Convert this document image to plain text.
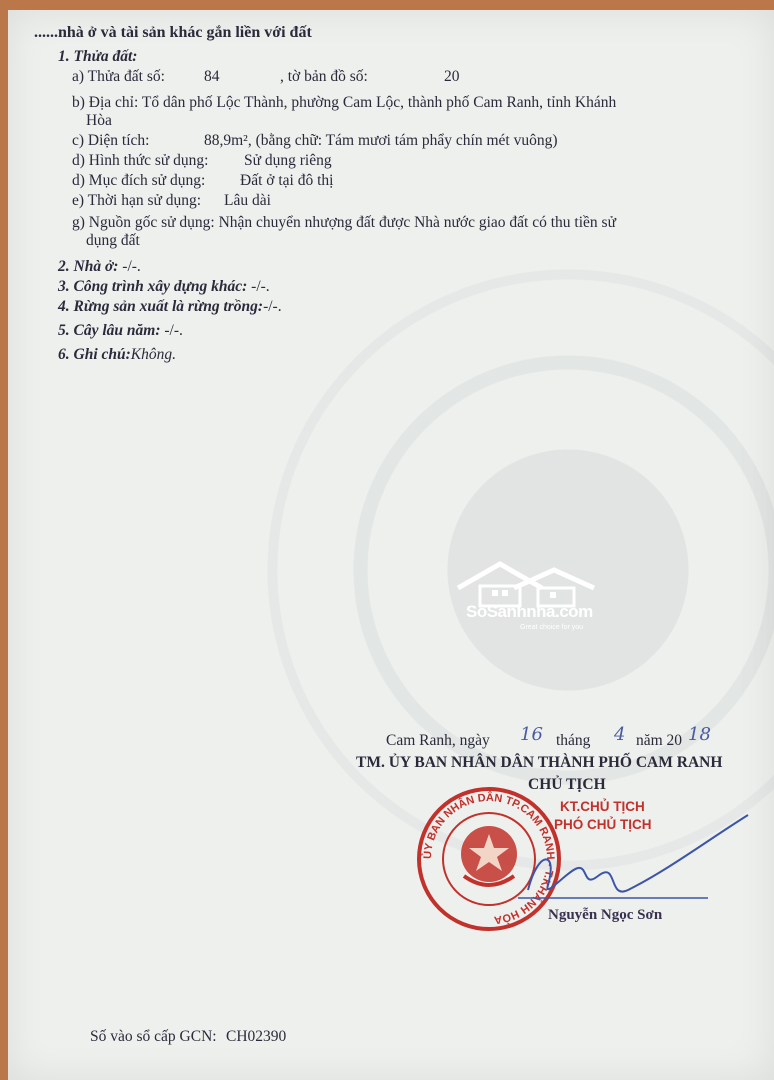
......nhà ở và tài sản khác gắn liền với đất
1. Thửa đất:
a) Thửa đất số:	84	, tờ bản đồ số:	20
b) Địa chỉ: Tổ dân phố Lộc Thành, phường Cam Lộc, thành phố Cam Ranh, tỉnh Khánh
Hòa
c) Diện tích:	88,9m², (bằng chữ: Tám mươi tám phẩy chín mét vuông)
d) Hình thức sử dụng: Sử dụng riêng
d) Mục đích sử dụng: Đất ở tại đô thị
e) Thời hạn sử dụng: Lâu dài
g) Nguồn gốc sử dụng: Nhận chuyển nhượng đất được Nhà nước giao đất có thu tiền sử
dụng đất
2. Nhà ở: -/-.
3. Công trình xây dựng khác: -/-.
4. Rừng sản xuất là rừng trồng:-/-.
5. Cây lâu năm: -/-.
6. Ghi chú:Không.
SoSanhnha.com
Great choice for you
Cam Ranh, ngày 16 tháng 4 năm 20 18
TM. ỦY BAN NHÂN DÂN THÀNH PHỐ CAM RANH
CHỦ TỊCH
KT.CHỦ TỊCH
PHÓ CHỦ TỊCH
ỦY BAN NHÂN DÂN TP.CAM RANH - T.KHÁNH HÒA	Nguyễn Ngọc Sơn
Số vào sổ cấp GCN: CH02390
